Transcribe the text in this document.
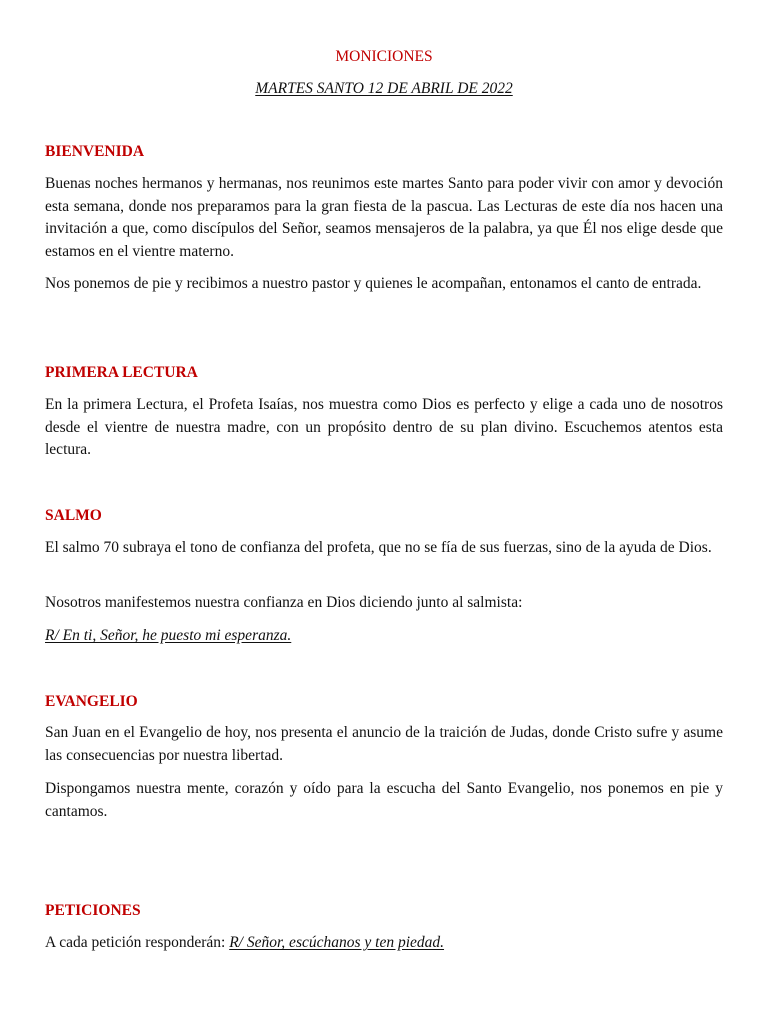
MONICIONES
MARTES SANTO 12 DE ABRIL DE 2022
BIENVENIDA

Buenas noches hermanos y hermanas, nos reunimos este martes Santo para poder vivir con amor y devoción esta semana, donde nos preparamos para la gran fiesta de la pascua. Las Lecturas de este día nos hacen una invitación a que, como discípulos del Señor, seamos mensajeros de la palabra, ya que Él nos elige desde que estamos en el vientre materno.

Nos ponemos de pie y recibimos a nuestro pastor y quienes le acompañan, entonamos el canto de entrada.

PRIMERA LECTURA

En la primera Lectura, el Profeta Isaías, nos muestra como Dios es perfecto y elige a cada uno de nosotros desde el vientre de nuestra madre, con un propósito dentro de su plan divino. Escuchemos atentos esta lectura.

SALMO

El salmo 70 subraya el tono de confianza del profeta, que no se fía de sus fuerzas, sino de la ayuda de Dios.

Nosotros manifestemos nuestra confianza en Dios diciendo junto al salmista:

R/ En ti, Señor, he puesto mi esperanza.

EVANGELIO

San Juan en el Evangelio de hoy, nos presenta el anuncio de la traición de Judas, donde Cristo sufre y asume las consecuencias por nuestra libertad.

Dispongamos nuestra mente, corazón y oído para la escucha del Santo Evangelio, nos ponemos en pie y cantamos.

PETICIONES

A cada petición responderán: R/ Señor, escúchanos y ten piedad.
